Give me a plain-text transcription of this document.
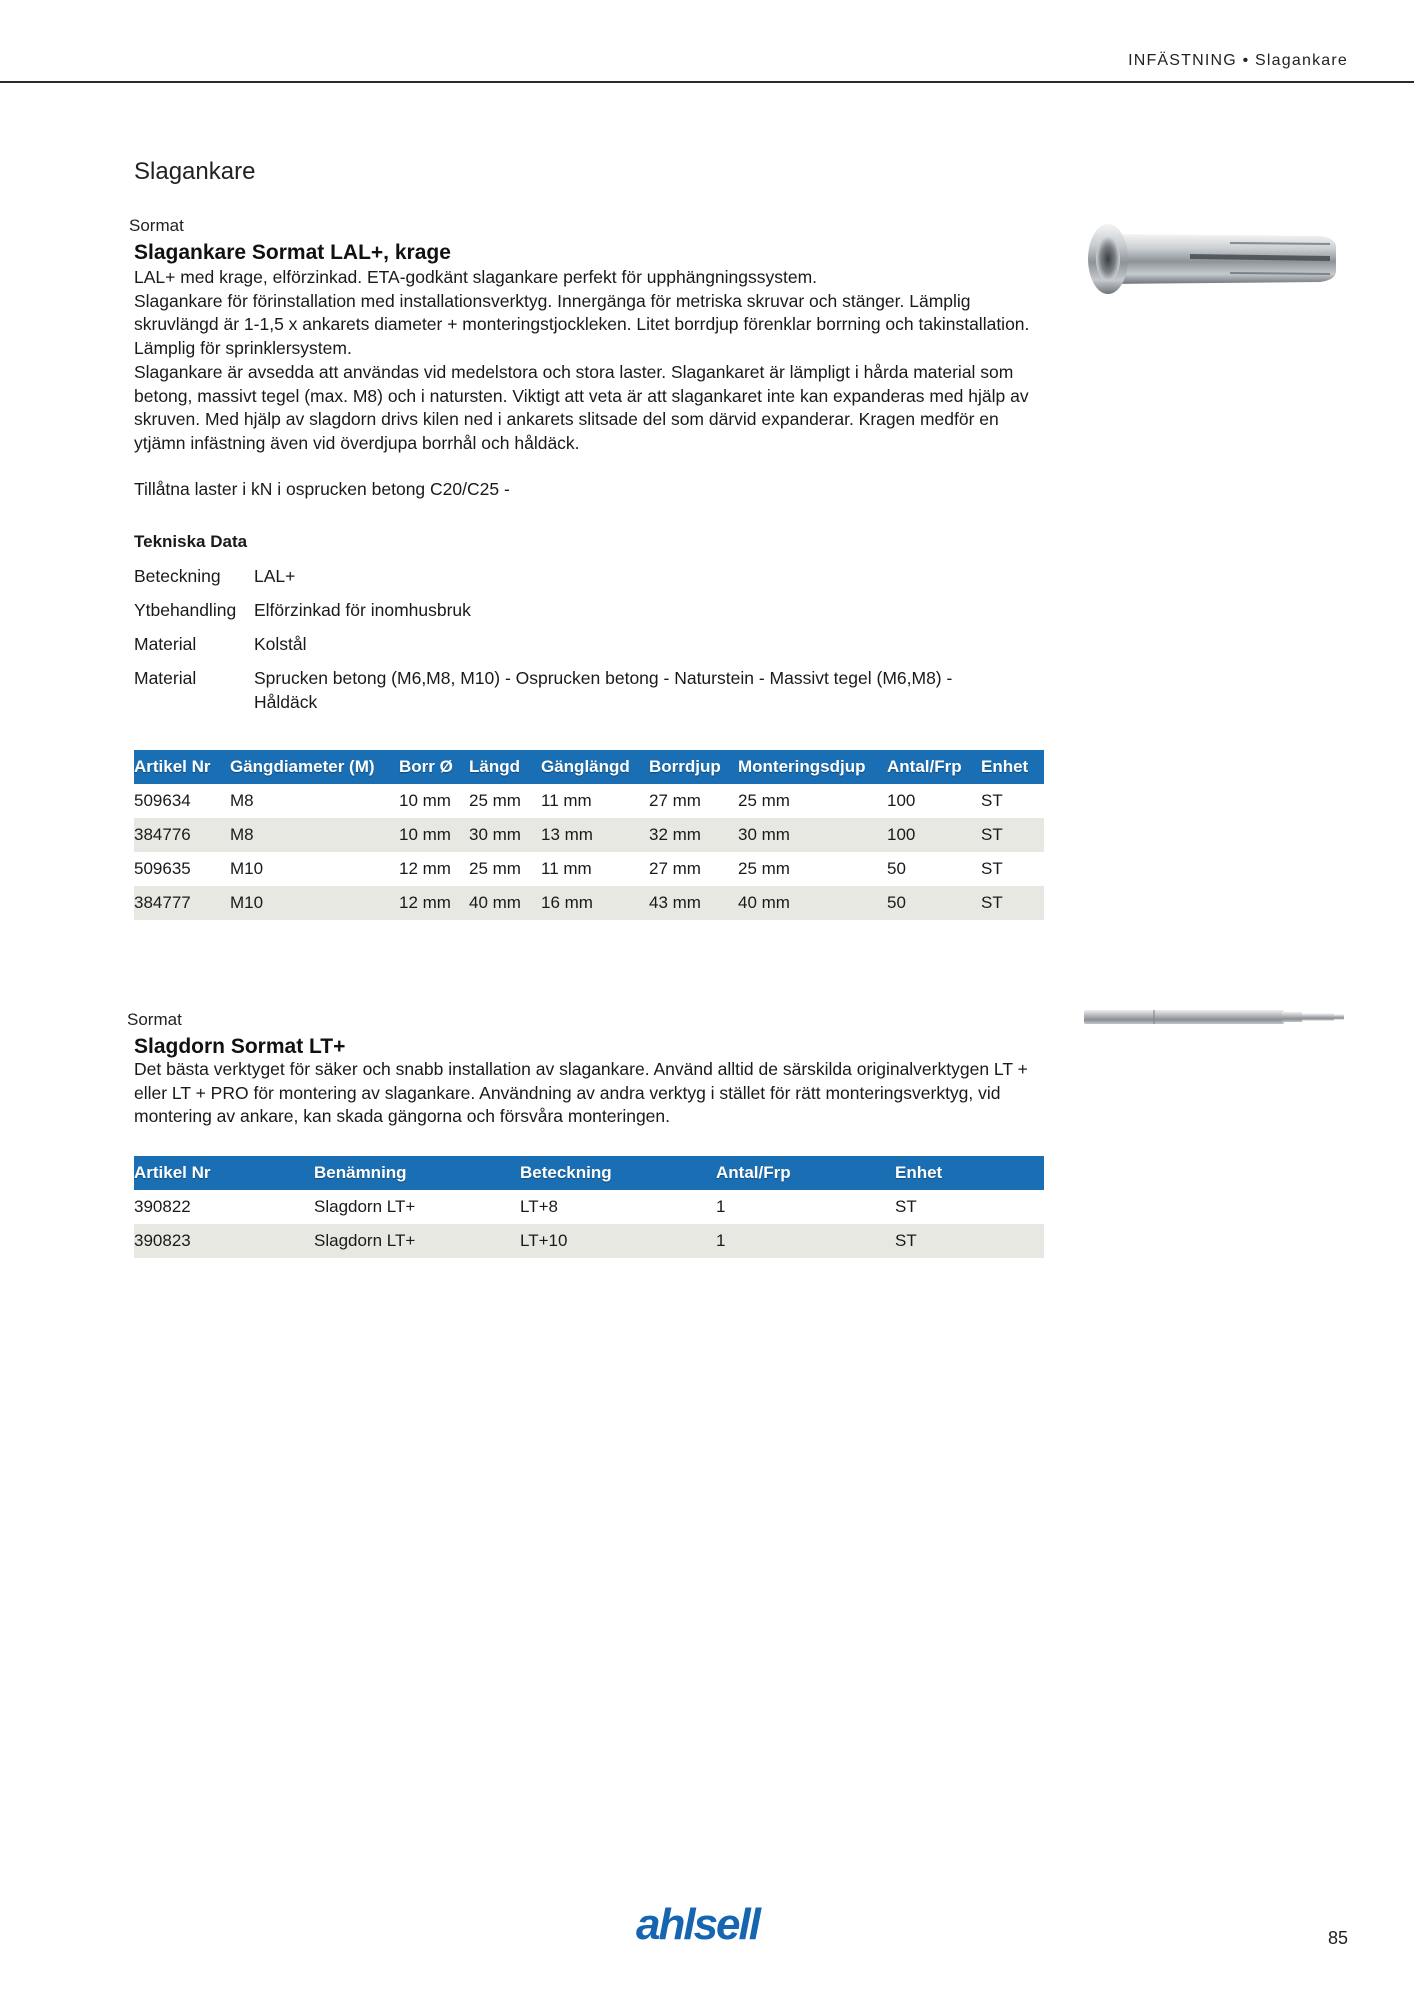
INFÄSTNING • Slagankare
Slagankare
Sormat
Slagankare Sormat LAL+, krage

LAL+ med krage, elförzinkad. ETA-godkänt slagankare perfekt för upphängningssystem.

Slagankare för förinstallation med installationsverktyg. Innergänga för metriska skruvar och stänger. Lämplig skruvlängd är 1-1,5 x ankarets diameter + monteringstjockleken. Litet borrdjup förenklar borrning och takinstallation. Lämplig för sprinklersystem.

Slagankare är avsedda att användas vid medelstora och stora laster. Slagankaret är lämpligt i hårda material som betong, massivt tegel (max. M8) och i natursten. Viktigt att veta är att slagankaret inte kan expanderas med hjälp av skruven. Med hjälp av slagdorn drivs kilen ned i ankarets slitsade del som därvid expanderar. Kragen medför en ytjämn infästning även vid överdjupa borrhål och håldäck.

Tillåtna laster i kN i osprucken betong C20/C25 -
Tekniska Data
Beteckning	LAL+
Ytbehandling	Elförzinkad för inomhusbruk
Material	Kolstål
Material	Sprucken betong (M6,M8, M10) - Osprucken betong - Naturstein - Massivt tegel (M6,M8) - Håldäck
Artikel Nr	Gängdiameter (M)	Borr Ø	Längd	Gänglängd	Borrdjup	Monteringsdjup	Antal/Frp	Enhet
509634	M8	10 mm	25 mm	11 mm	27 mm	25 mm	100	ST
384776	M8	10 mm	30 mm	13 mm	32 mm	30 mm	100	ST
509635	M10	12 mm	25 mm	11 mm	27 mm	25 mm	50	ST
384777	M10	12 mm	40 mm	16 mm	43 mm	40 mm	50	ST
Sormat
Slagdorn Sormat LT+
Det bästa verktyget för säker och snabb installation av slagankare. Använd alltid de särskilda originalverktygen LT + eller LT + PRO för montering av slagankare. Användning av andra verktyg i stället för rätt monteringsverktyg, vid montering av ankare, kan skada gängorna och försvåra monteringen.
Artikel Nr	Benämning	Beteckning	Antal/Frp	Enhet
390822	Slagdorn LT+	LT+8	1	ST
390823	Slagdorn LT+	LT+10	1	ST
ahlsell	85
